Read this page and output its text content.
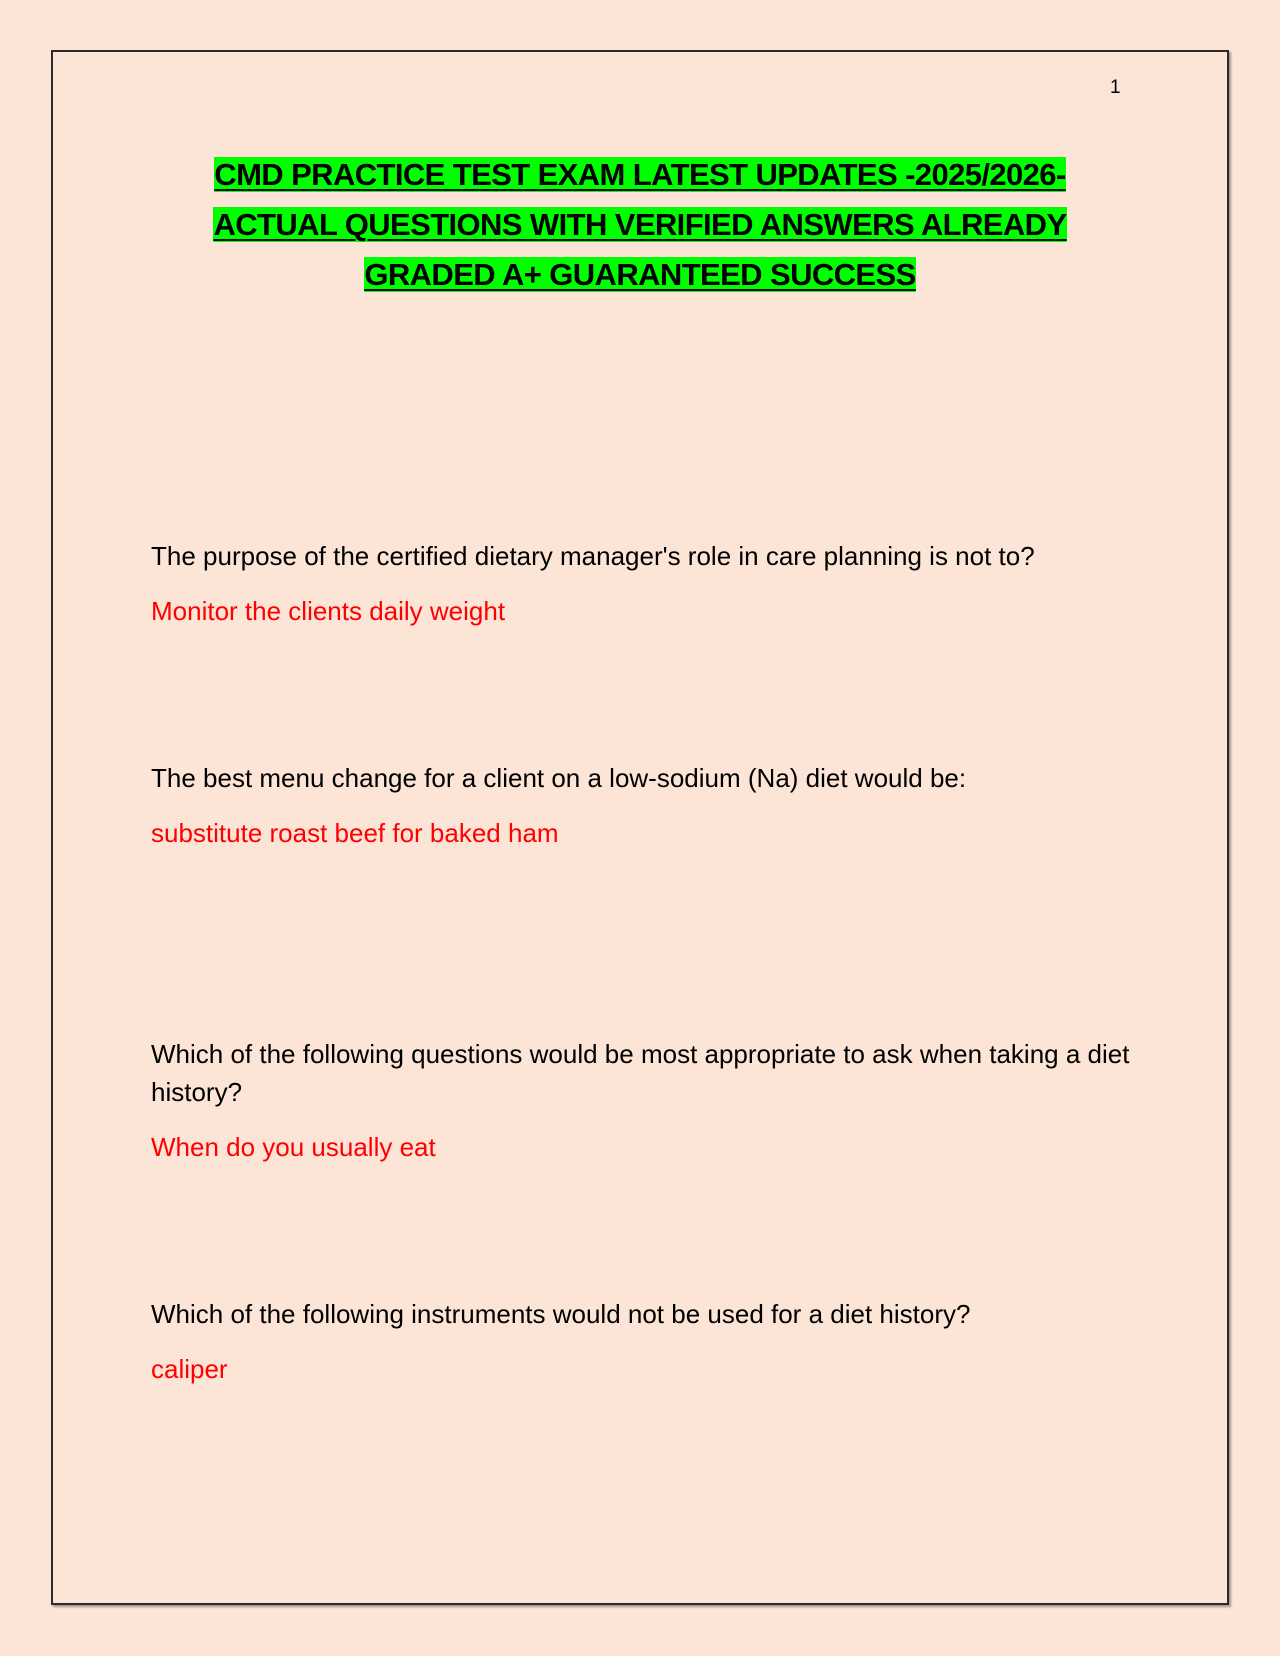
1
CMD PRACTICE TEST EXAM LATEST UPDATES -2025/2026-
ACTUAL QUESTIONS WITH VERIFIED ANSWERS ALREADY
GRADED A+ GUARANTEED SUCCESS

The purpose of the certified dietary manager's role in care planning is not to?

Monitor the clients daily weight

The best menu change for a client on a low-sodium (Na) diet would be:

substitute roast beef for baked ham

Which of the following questions would be most appropriate to ask when taking a diet history?

When do you usually eat

Which of the following instruments would not be used for a diet history?

caliper
